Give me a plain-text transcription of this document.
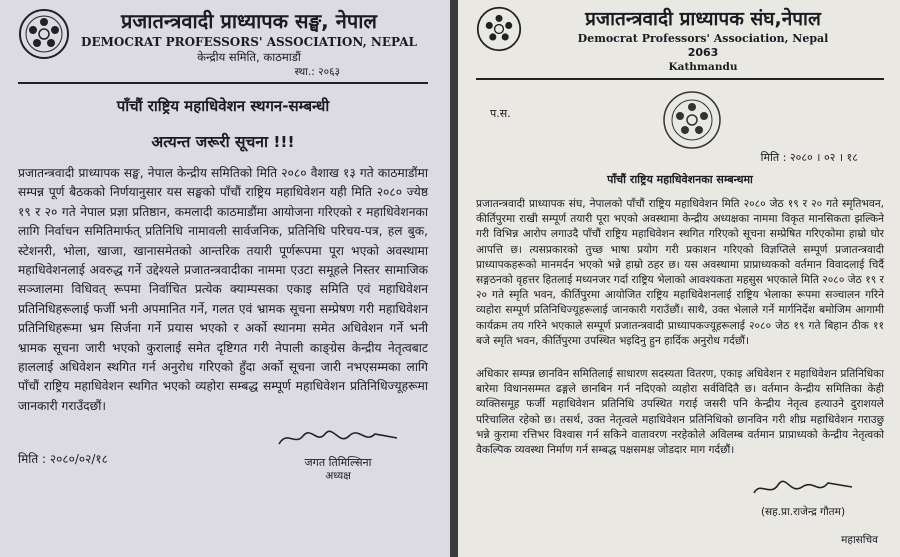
प्रजातन्त्रवादी प्राध्यापक सङ्घ, नेपाल
DEMOCRAT PROFESSORS' ASSOCIATION, NEPAL
केन्द्रीय समिति, काठमाडौं
स्था.: २०६३
पाँचौं राष्ट्रिय महाधिवेशन स्थगन-सम्बन्धी
अत्यन्त जरूरी सूचना !!!

प्रजातन्त्रवादी प्राध्यापक सङ्घ, नेपाल केन्द्रीय समितिको मिति २०८० वैशाख १३ गते काठमाडौंमा सम्पन्न पूर्ण बैठकको निर्णयानुसार यस सङ्घको पाँचौं राष्ट्रिय महाधिवेशन यही मिति २०८० ज्येष्ठ १९ र २० गते नेपाल प्रज्ञा प्रतिष्ठान, कमलादी काठमाडौंमा आयोजना गरिएको र महाधिवेशनका लागि निर्वाचन समितिमार्फत् प्रतिनिधि नामावली सार्वजनिक, प्रतिनिधि परिचय-पत्र, हल बुक, स्टेशनरी, भोला, खाजा, खानासमेतको आन्तरिक तयारी पूर्णरूपमा पूरा भएको अवस्थामा महाधिवेशनलाई अवरुद्ध गर्ने उद्देश्यले प्रजातन्त्रवादीका नाममा एउटा समूहले निस्तर सामाजिक सञ्जालमा विधिवत् रूपमा निर्वाचित प्रत्येक क्याम्पसका एकाइ समिति एवं महाधिवेशन प्रतिनिधिहरूलाई फर्जी भनी अपमानित गर्ने, गलत एवं भ्रामक सूचना सम्प्रेषण गरी महाधिवेशन प्रतिनिधिहरूमा भ्रम सिर्जना गर्ने प्रयास भएको र अर्को स्थानमा समेत अधिवेशन गर्ने भनी भ्रामक सूचना जारी भएको कुरालाई समेत दृष्टिगत गरी नेपाली काङ्ग्रेस केन्द्रीय नेतृत्वबाट हाललाई अधिवेशन स्थगित गर्न अनुरोध गरिएको हुँदा अर्को सूचना जारी नभएसम्मका लागि पाँचौं राष्ट्रिय महाधिवेशन स्थगित भएको व्यहोरा सम्बद्ध सम्पूर्ण महाधिवेशन प्रतिनिधिज्यूहरूमा जानकारी गराउँदछौं।

मिति : २०८०/०२/१८	जगत तिमिल्सिना
अध्यक्ष
प्रजातन्त्रवादी प्राध्यापक संघ,नेपाल
Democrat Professors' Association, Nepal
2063
Kathmandu
प.स.
मिति : २०८० । ०२ । १८
पाँचौं राष्ट्रिय महाधिवेशनका सम्बन्धमा

प्रजातन्त्रवादी प्राध्यापक संघ, नेपालको पाँचौं राष्ट्रिय महाधिवेशन मिति २०८० जेठ १९ र २० गते स्मृतिभवन, कीर्तिपुरमा राखी सम्पूर्ण तयारी पूरा भएको अवस्थामा केन्द्रीय अध्यक्षका नाममा विकृत मानसिकता झल्किने गरी विभिन्न आरोप लगाउदै पाँचौं राष्ट्रिय महाधिवेशन स्थगित गरिएको सूचना सम्प्रेषित गरिएकोमा हाम्रो घोर आपत्ति छ। त्यसप्रकारको तुच्छ भाषा प्रयोग गरी प्रकाशन गरिएको विज्ञप्तिले सम्पूर्ण प्रजातन्त्रवादी प्राध्यापकहरूको मानमर्दन भएको भन्ने हाम्रो ठहर छ। यस अवस्थामा प्राप्राध्यकको वर्तमान विवादलाई चिर्दै सङ्गठनको वृहत्तर हितलाई मध्यनजर गर्दा राष्ट्रिय भेलाको आवश्यकता महसुस भएकाले मिति २०८० जेठ १९ र २० गते स्मृति भवन, कीर्तिपुरमा आयोजित राष्ट्रिय महाधिवेशनलाई राष्ट्रिय भेलाका रूपमा सञ्चालन गरिने व्यहोरा सम्पूर्ण प्रतिनिधिज्यूहरूलाई जानकारी गराउँछौं। साथै, उक्त भेलाले गर्ने मार्गनिर्देश बमोजिम आगामी कार्यक्रम तय गरिने भएकाले सम्पूर्ण प्रजातन्त्रवादी प्राध्यापकज्यूहरूलाई २०८० जेठ १९ गते बिहान ठीक ११ बजे स्मृति भवन, कीर्तिपुरमा उपस्थित भइदिनु हुन हार्दिक अनुरोध गर्दछौं।

अधिकार सम्पन्न छानविन समितिलाई साधारण सदस्यता वितरण, एकाइ अधिवेशन र महाधिवेशन प्रतिनिधिका बारेमा विधानसम्मत ढङ्गले छानबिन गर्न नदिएको व्यहोरा सर्वविदितै छ। वर्तमान केन्द्रीय समितिका केही व्यक्तिसमूह फर्जी महाधिवेशन प्रतिनिधि उपस्थित गराई जसरी पनि केन्द्रीय नेतृत्व हत्याउने दुराशयले परिचालित रहेको छ। तसर्थ, उक्त नेतृत्वले महाधिवेशन प्रतिनिधिको छानविन गरी शीघ्र महाधिवेशन गराउछु भन्ने कुरामा रत्तिभर विश्वास गर्न सकिने वातावरण नरहेकोले अविलम्ब वर्तमान प्राप्राध्यको केन्द्रीय नेतृत्वको वैकल्पिक व्यवस्था निर्माण गर्न सम्बद्ध पक्षसमक्ष जोडदार माग गर्दछौं।

(सह.प्रा.राजेन्द्र गौतम)
महासचिव
